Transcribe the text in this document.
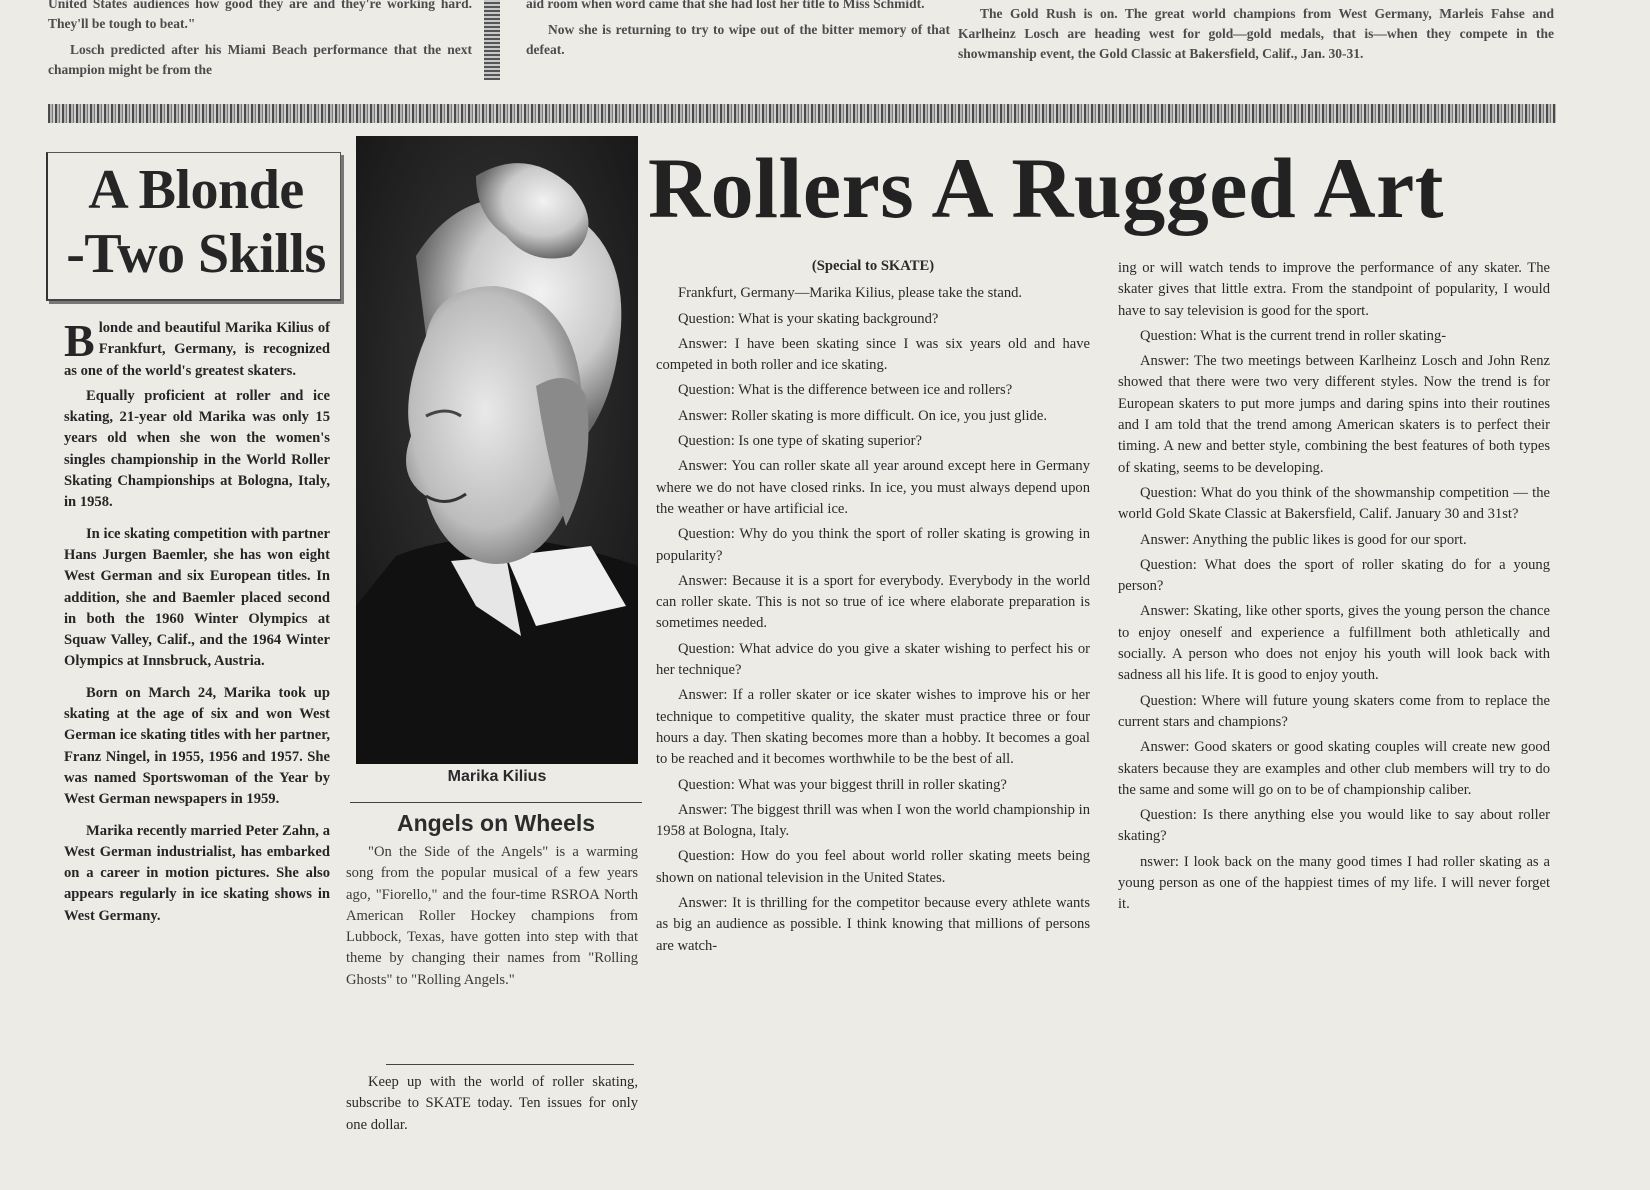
United States audiences how good they are and they're working hard. They'll be tough to beat."

Losch predicted after his Miami Beach performance that the next champion might be from the

aid room when word came that she had lost her title to Miss Schmidt.

Now she is returning to try to wipe out of the bitter memory of that defeat.

The Gold Rush is on. The great world champions from West Germany, Marleis Fahse and Karlheinz Losch are heading west for gold—gold medals, that is—when they compete in the showmanship event, the Gold Classic at Bakersfield, Calif., Jan. 30-31.

A Blonde
-Two Skills

Blonde and beautiful Marika Kilius of Frankfurt, Germany, is recognized as one of the world's greatest skaters.

Equally proficient at roller and ice skating, 21-year old Marika was only 15 years old when she won the women's singles championship in the World Roller Skating Championships at Bologna, Italy, in 1958.

In ice skating competition with partner Hans Jurgen Baemler, she has won eight West German and six European titles. In addition, she and Baemler placed second in both the 1960 Winter Olympics at Squaw Valley, Calif., and the 1964 Winter Olympics at Innsbruck, Austria.

Born on March 24, Marika took up skating at the age of six and won West German ice skating titles with her partner, Franz Ningel, in 1955, 1956 and 1957. She was named Sportswoman of the Year by West German newspapers in 1959.

Marika recently married Peter Zahn, a West German industrialist, has embarked on a career in motion pictures. She also appears regularly in ice skating shows in West Germany.

Marika Kilius
Angels on Wheels

"On the Side of the Angels" is a warming song from the popular musical of a few years ago, "Fiorello," and the four-time RSROA North American Roller Hockey champions from Lubbock, Texas, have gotten into step with that theme by changing their names from "Rolling Ghosts" to "Rolling Angels."

Keep up with the world of roller skating, subscribe to SKATE today. Ten issues for only one dollar.

Rollers A Rugged Art

(Special to SKATE)

Frankfurt, Germany—Marika Kilius, please take the stand.

Question: What is your skating background?

Answer: I have been skating since I was six years old and have competed in both roller and ice skating.

Question: What is the difference between ice and rollers?

Answer: Roller skating is more difficult. On ice, you just glide.

Question: Is one type of skating superior?

Answer: You can roller skate all year around except here in Germany where we do not have closed rinks. In ice, you must always depend upon the weather or have artificial ice.

Question: Why do you think the sport of roller skating is growing in popularity?

Answer: Because it is a sport for everybody. Everybody in the world can roller skate. This is not so true of ice where elaborate preparation is sometimes needed.

Question: What advice do you give a skater wishing to perfect his or her technique?

Answer: If a roller skater or ice skater wishes to improve his or her technique to competitive quality, the skater must practice three or four hours a day. Then skating becomes more than a hobby. It becomes a goal to be reached and it becomes worthwhile to be the best of all.

Question: What was your biggest thrill in roller skating?

Answer: The biggest thrill was when I won the world championship in 1958 at Bologna, Italy.

Question: How do you feel about world roller skating meets being shown on national television in the United States.

Answer: It is thrilling for the competitor because every athlete wants as big an audience as possible. I think knowing that millions of persons are watch-

ing or will watch tends to improve the performance of any skater. The skater gives that little extra. From the standpoint of popularity, I would have to say television is good for the sport.

Question: What is the current trend in roller skating-

Answer: The two meetings between Karlheinz Losch and John Renz showed that there were two very different styles. Now the trend is for European skaters to put more jumps and daring spins into their routines and I am told that the trend among American skaters is to perfect their timing. A new and better style, combining the best features of both types of skating, seems to be developing.

Question: What do you think of the showmanship competition — the world Gold Skate Classic at Bakersfield, Calif. January 30 and 31st?

Answer: Anything the public likes is good for our sport.

Question: What does the sport of roller skating do for a young person?

Answer: Skating, like other sports, gives the young person the chance to enjoy oneself and experience a fulfillment both athletically and socially. A person who does not enjoy his youth will look back with sadness all his life. It is good to enjoy youth.

Question: Where will future young skaters come from to replace the current stars and champions?

Answer: Good skaters or good skating couples will create new good skaters because they are examples and other club members will try to do the same and some will go on to be of championship caliber.

Question: Is there anything else you would like to say about roller skating?

nswer: I look back on the many good times I had roller skating as a young person as one of the happiest times of my life. I will never forget it.
